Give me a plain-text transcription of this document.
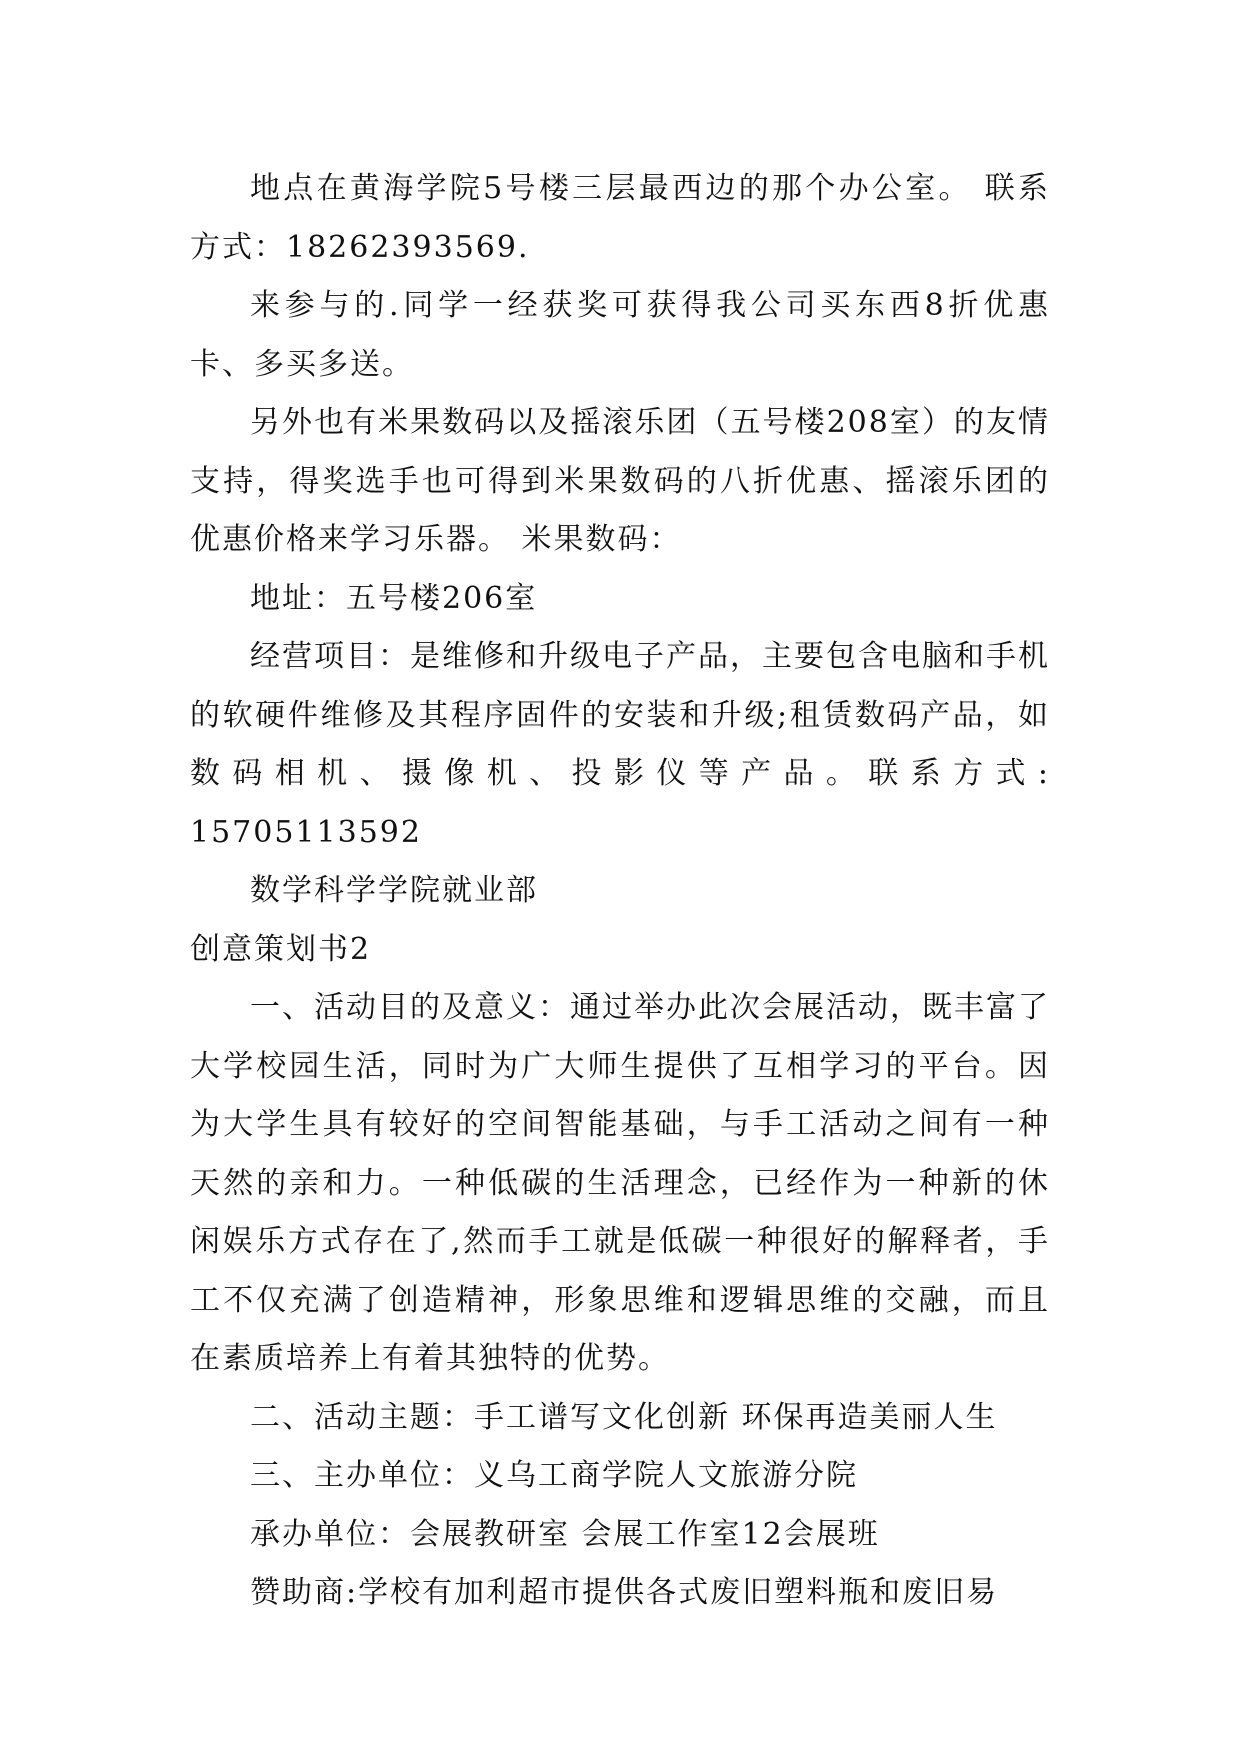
地点在黄海学院5号楼三层最西边的那个办公室。 联系方式：18262393569.

来参与的.同学一经获奖可获得我公司买东西8折优惠卡、多买多送。

另外也有米果数码以及摇滚乐团（五号楼208室）的友情支持，得奖选手也可得到米果数码的八折优惠、摇滚乐团的优惠价格来学习乐器。 米果数码：

地址：五号楼206室

经营项目：是维修和升级电子产品，主要包含电脑和手机的软硬件维修及其程序固件的安装和升级;租赁数码产品，如数码相机、摄像机、投影仪等产品。联系方式: 15705113592

数学科学学院就业部

创意策划书2

一、活动目的及意义：通过举办此次会展活动，既丰富了大学校园生活，同时为广大师生提供了互相学习的平台。因为大学生具有较好的空间智能基础，与手工活动之间有一种天然的亲和力。一种低碳的生活理念，已经作为一种新的休闲娱乐方式存在了,然而手工就是低碳一种很好的解释者，手工不仅充满了创造精神，形象思维和逻辑思维的交融，而且在素质培养上有着其独特的优势。

二、活动主题：手工谱写文化创新 环保再造美丽人生

三、主办单位：义乌工商学院人文旅游分院

承办单位：会展教研室 会展工作室12会展班

赞助商:学校有加利超市提供各式废旧塑料瓶和废旧易
